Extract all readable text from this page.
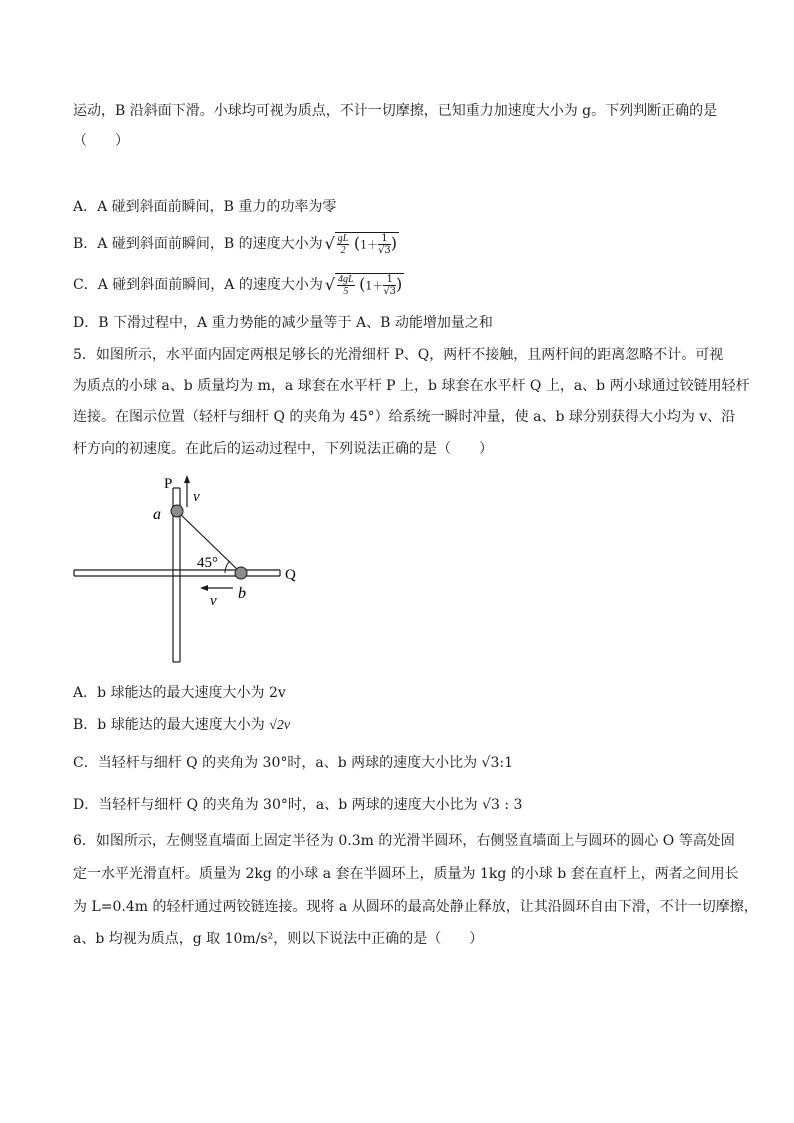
运动，B 沿斜面下滑。小球均可视为质点，不计一切摩擦，已知重力加速度大小为 g。下列判断正确的是
（　　）
A．A 碰到斜面前瞬间，B 重力的功率为零
B．A 碰到斜面前瞬间，B 的速度大小为 √ $\frac{gL}{2} (1+ \frac{1}{√3}$ )
C．A 碰到斜面前瞬间，A 的速度大小为 √ $\frac{4gL}{5} (1+ \frac{1}{√3}$ )
D．B 下滑过程中，A 重力势能的减少量等于 A、B 动能增加量之和
5．如图所示，水平面内固定两根足够长的光滑细杆 P、Q，两杆不接触，且两杆间的距离忽略不计。可视
为质点的小球 a、b 质量均为 m，a 球套在水平杆 P 上，b 球套在水平杆 Q 上，a、b 两小球通过铰链用轻杆
连接。在图示位置（轻杆与细杆 Q 的夹角为 45°）给系统一瞬时冲量，使 a、b 球分别获得大小均为 v、沿
杆方向的初速度。在此后的运动过程中，下列说法正确的是（　　）
P
v
a
45°
Q
v b
A．b 球能达的最大速度大小为 2v
B．b 球能达的最大速度大小为 √2v
C．当轻杆与细杆 Q 的夹角为 30°时，a、b 两球的速度大小比为 √3:1
D．当轻杆与细杆 Q 的夹角为 30°时，a、b 两球的速度大小比为 √3 : 3
6．如图所示，左侧竖直墙面上固定半径为 0.3m 的光滑半圆环，右侧竖直墙面上与圆环的圆心 O 等高处固
定一水平光滑直杆。质量为 2kg 的小球 a 套在半圆环上，质量为 1kg 的小球 b 套在直杆上，两者之间用长
为 L=0.4m 的轻杆通过两铰链连接。现将 a 从圆环的最高处静止释放，让其沿圆环自由下滑，不计一切摩擦，
a、b 均视为质点，g 取 10m/s²，则以下说法中正确的是（　　）
